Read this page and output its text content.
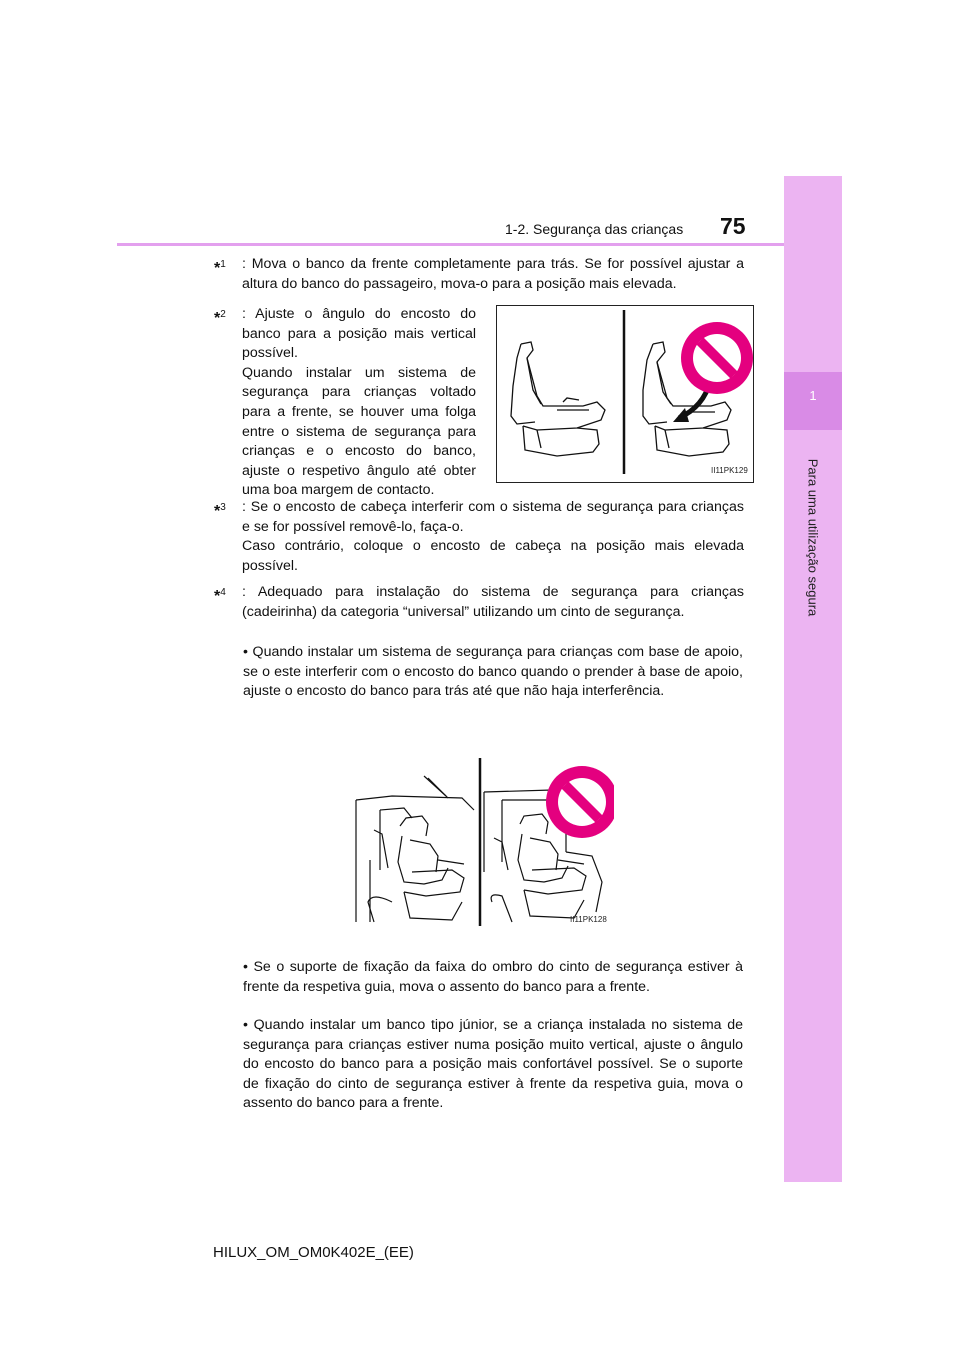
1
Para uma utilização segura
1-2. Segurança das crianças 75
*$^1$ : Mova o banco da frente completamente para trás. Se for possível ajustar a altura do banco do passageiro, mova-o para a posição mais elevada.
*$^2$ : Ajuste o ângulo do encosto do banco para a posição mais vertical possível.
Quando instalar um sistema de segurança para crianças voltado para a frente, se houver uma folga entre o sistema de segurança para crianças e o encosto do banco, ajuste o respetivo ângulo até obter uma boa margem de contacto.
II11PK129
*$^3$ : Se o encosto de cabeça interferir com o sistema de segurança para crianças e se for possível removê-lo, faça-o.
Caso contrário, coloque o encosto de cabeça na posição mais elevada possível.
*$^4$ : Adequado para instalação do sistema de segurança para crianças (cadeirinha) da categoria “universal” utilizando um cinto de segurança.
• Quando instalar um sistema de segurança para crianças com base de apoio, se o este interferir com o encosto do banco quando o prender à base de apoio, ajuste o encosto do banco para trás até que não haja interferência.
II11PK128
• Se o suporte de fixação da faixa do ombro do cinto de segurança estiver à frente da respetiva guia, mova o assento do banco para a frente.
• Quando instalar um banco tipo júnior, se a criança instalada no sistema de segurança para crianças estiver numa posição muito vertical, ajuste o ângulo do encosto do banco para a posição mais confortável possível. Se o suporte de fixação do cinto de segurança estiver à frente da respetiva guia, mova o assento do banco para a frente.
HILUX_OM_OM0K402E_(EE)
